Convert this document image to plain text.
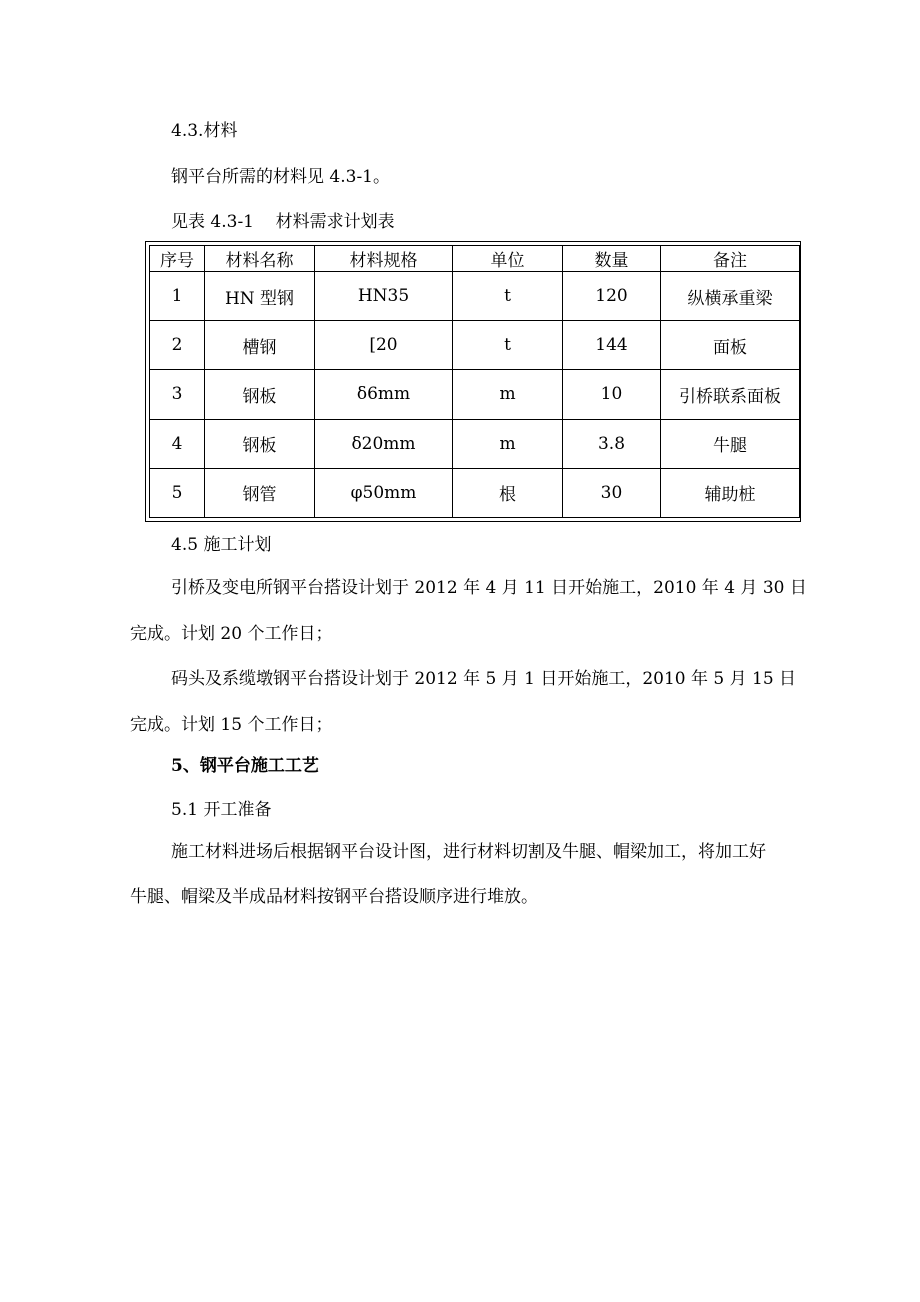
4.3.材料
钢平台所需的材料见 4.3-1。
见表 4.3-1    材料需求计划表
序号	材料名称	材料规格	单位	数量	备注
1	HN 型钢	HN35	t	120	纵横承重梁
2	槽钢	[20	t	144	面板
3	钢板	δ6mm	m	10	引桥联系面板
4	钢板	δ20mm	m	3.8	牛腿
5	钢管	φ50mm	根	30	辅助桩
4.5 施工计划
引桥及变电所钢平台搭设计划于 2012 年 4 月 11 日开始施工，2010 年 4 月 30 日
完成。计划 20 个工作日；
码头及系缆墩钢平台搭设计划于 2012 年 5 月 1 日开始施工，2010 年 5 月 15 日
完成。计划 15 个工作日；
5、钢平台施工工艺
5.1 开工准备
施工材料进场后根据钢平台设计图，进行材料切割及牛腿、帽梁加工，将加工好
牛腿、帽梁及半成品材料按钢平台搭设顺序进行堆放。
